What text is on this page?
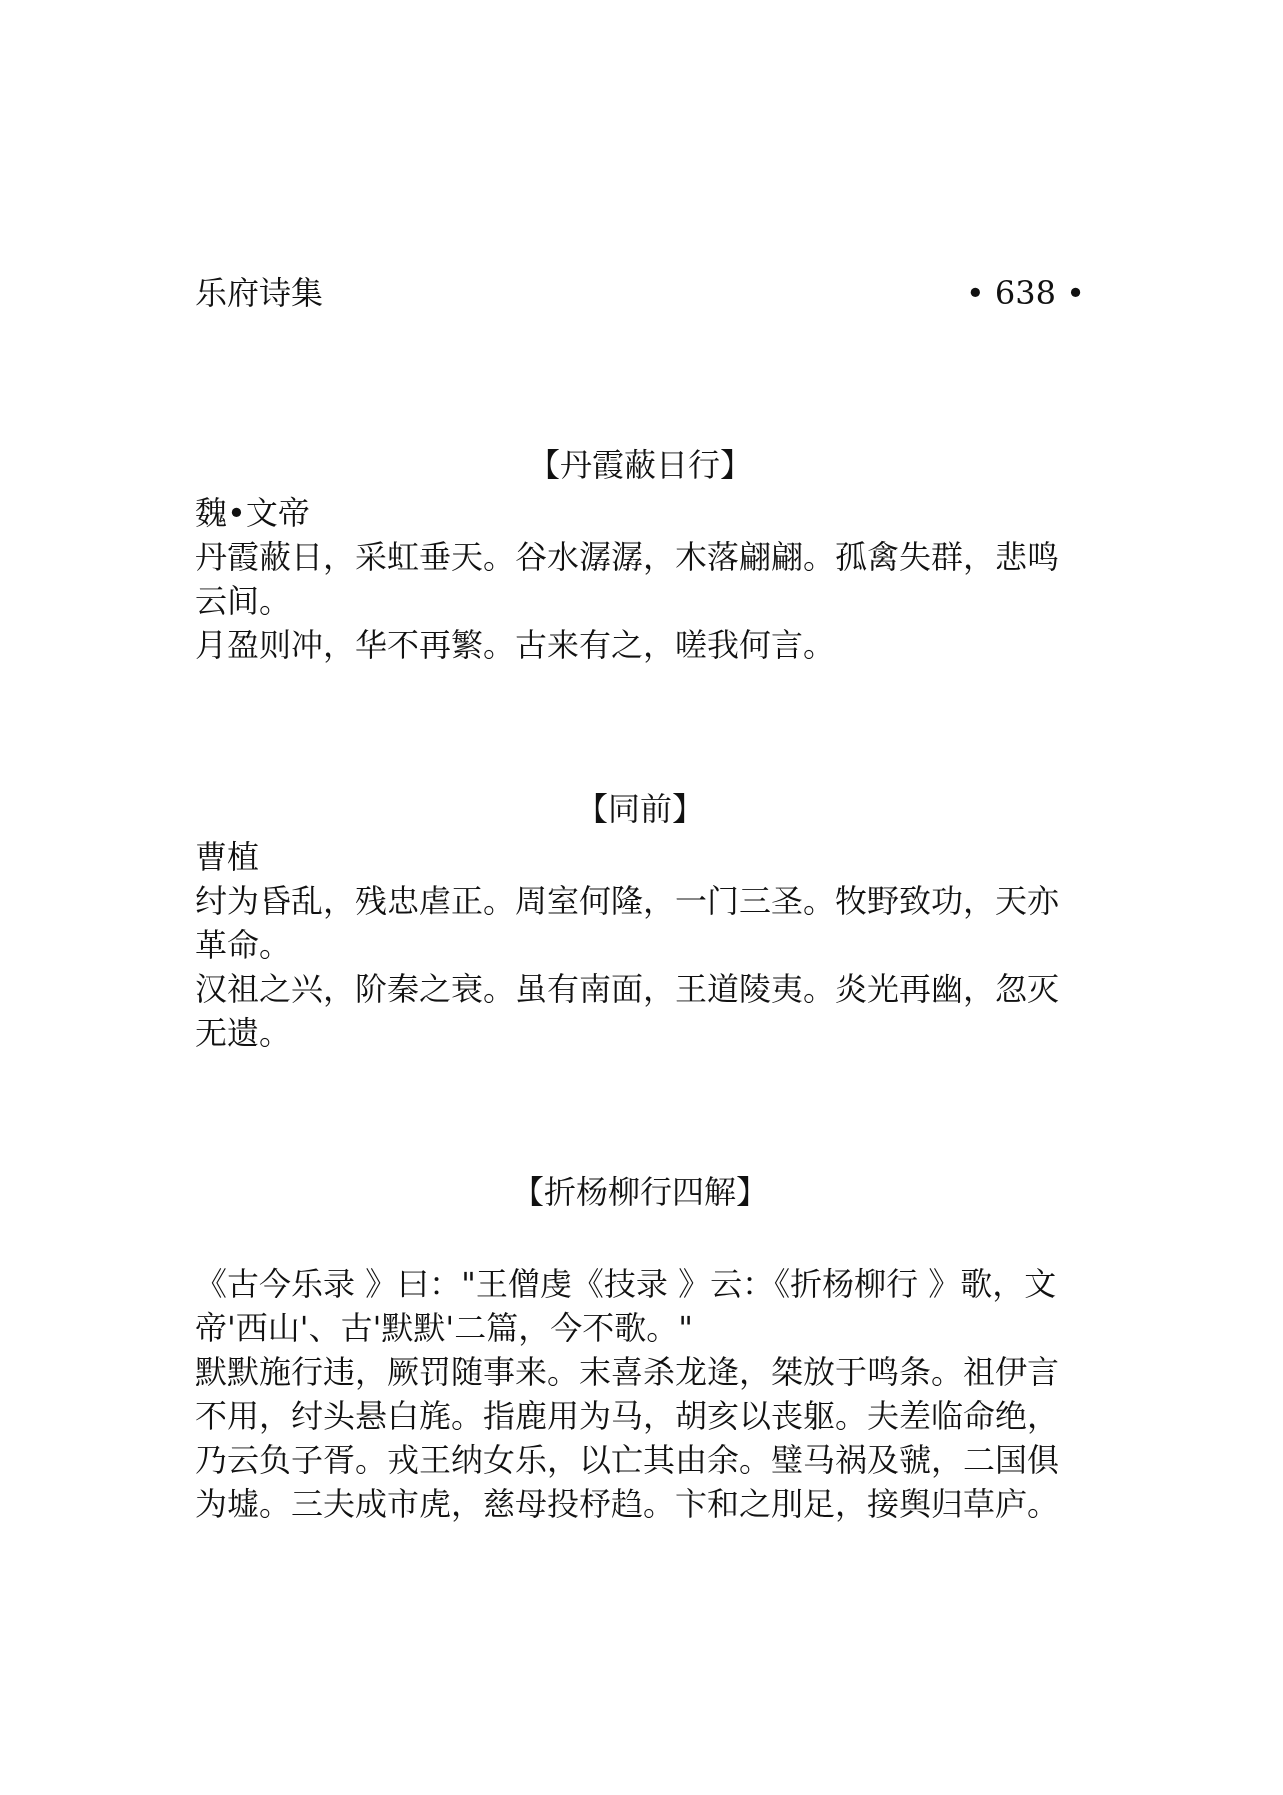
乐府诗集	• 638 •
【丹霞蔽日行】
魏•文帝

丹霞蔽日，采虹垂天。谷水潺潺，木落翩翩。孤禽失群，悲鸣云间。

月盈则冲，华不再繁。古来有之，嗟我何言。

【同前】
曹植

纣为昏乱，残忠虐正。周室何隆，一门三圣。牧野致功，天亦革命。

汉祖之兴，阶秦之衰。虽有南面，王道陵夷。炎光再幽，忽灭无遗。

【折杨柳行四解】

《古今乐录 》曰："王僧虔《技录 》云：《折杨柳行 》歌，文帝'西山'、古'默默'二篇，今不歌。"

默默施行违，厥罚随事来。末喜杀龙逄，桀放于鸣条。祖伊言不用，纣头悬白旄。指鹿用为马，胡亥以丧躯。夫差临命绝，乃云负子胥。戎王纳女乐，以亡其由余。璧马祸及虢，二国俱为墟。三夫成市虎，慈母投杼趋。卞和之刖足，接舆归草庐。
